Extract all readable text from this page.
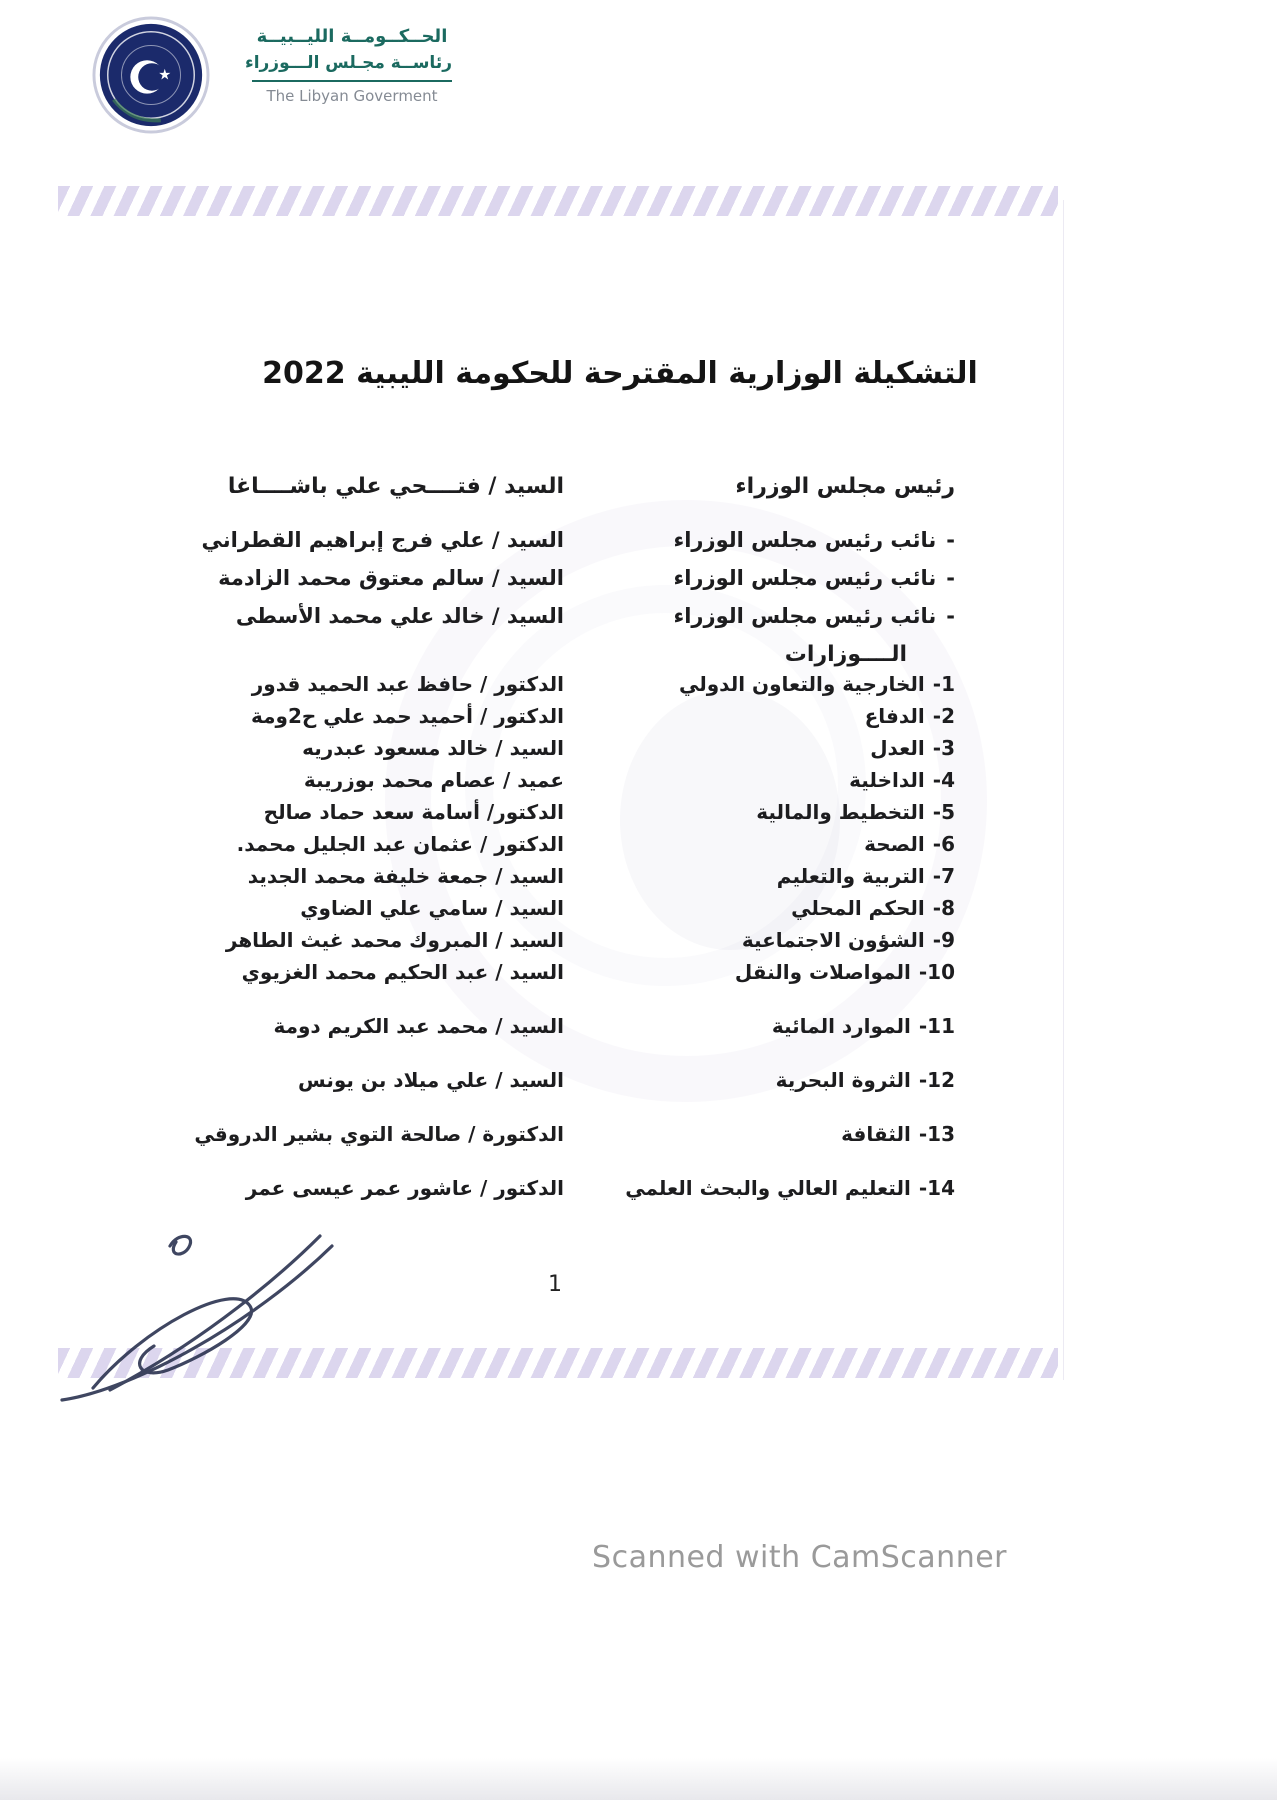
الحــكــومــة الليــبيــة
رئاســة مجـلس الـــوزراء
The Libyan Goverment
التشكيلة الوزارية المقترحة للحكومة الليبية 2022
رئيس مجلس الوزراء
السيد / فتــــحي علي باشــــاغا
-نائب رئيس مجلس الوزراء
السيد / علي فرج إبراهيم القطراني
-نائب رئيس مجلس الوزراء
السيد / سالم معتوق محمد الزادمة
-نائب رئيس مجلس الوزراء
السيد / خالد علي محمد الأسطى
الــــوزارات
1-الخارجية والتعاون الدولي
الدكتور / حافظ عبد الحميد قدور
2-الدفاع
الدكتور / أحميد حمد علي ح2ومة
3-العدل
السيد / خالد مسعود عبدريه
4-الداخلية
عميد / عصام محمد بوزريبة
5-التخطيط والمالية
الدكتور/ أسامة سعد حماد صالح
6-الصحة
الدكتور / عثمان عبد الجليل محمد.
7-التربية والتعليم
السيد / جمعة خليفة محمد الجديد
8-الحكم المحلي
السيد / سامي علي الضاوي
9-الشؤون الاجتماعية
السيد / المبروك محمد غيث الطاهر
10-المواصلات والنقل
السيد / عبد الحكيم محمد الغزيوي
11-الموارد المائية
السيد / محمد عبد الكريم دومة
12-الثروة البحرية
السيد / علي ميلاد بن يونس
13-الثقافة
الدكتورة / صالحة التوي بشير الدروقي
14-التعليم العالي والبحث العلمي
الدكتور / عاشور عمر عيسى عمر
1
Scanned with CamScanner
